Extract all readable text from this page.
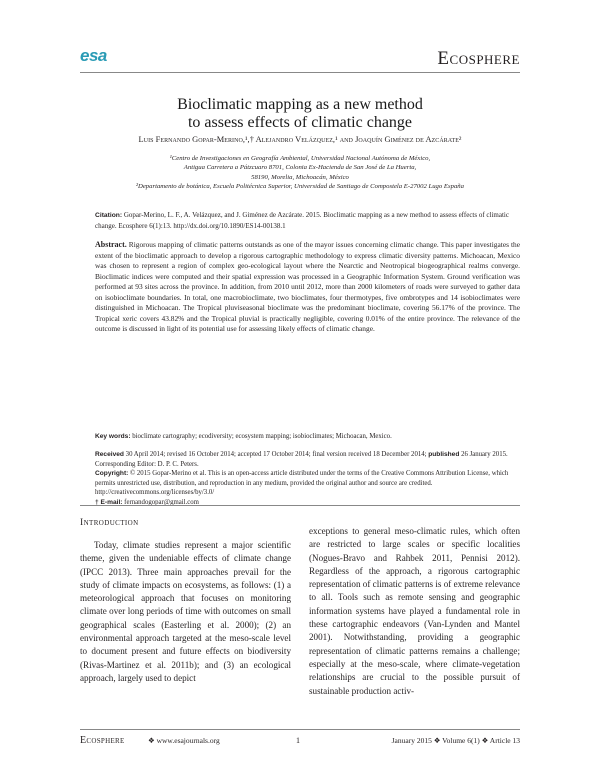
esa	Ecosphere
Bioclimatic mapping as a new method
to assess effects of climatic change
Luis Fernando Gopar-Merino,¹,† Alejandro Velázquez,¹ and Joaquín Giménez de Azcárate²
¹Centro de Investigaciones en Geografía Ambiental, Universidad Nacional Autónoma de México,
Antigua Carretera a Pátzcuaro 8701, Colonia Ex-Hacienda de San José de La Huerta,
58190, Morelia, Michoacán, México
²Departamento de botánica, Escuela Politécnica Superior, Universidad de Santiago de Compostela E-27002 Lugo España
Citation: Gopar-Merino, L. F., A. Velázquez, and J. Giménez de Azcárate. 2015. Bioclimatic mapping as a new method to assess effects of climatic change. Ecosphere 6(1):13. http://dx.doi.org/10.1890/ES14-00138.1
Abstract. Rigorous mapping of climatic patterns outstands as one of the mayor issues concerning climatic change. This paper investigates the extent of the bioclimatic approach to develop a rigorous cartographic methodology to express climatic diversity patterns. Michoacan, Mexico was chosen to represent a region of complex geo-ecological layout where the Nearctic and Neotropical biogeographical realms converge. Bioclimatic indices were computed and their spatial expression was processed in a Geographic Information System. Ground verification was performed at 93 sites across the province. In addition, from 2010 until 2012, more than 2000 kilometers of roads were surveyed to gather data on isobioclimate boundaries. In total, one macrobioclimate, two bioclimates, four thermotypes, five ombrotypes and 14 isobioclimates were distinguished in Michoacan. The Tropical pluviseasonal bioclimate was the predominant bioclimate, covering 56.17% of the province. The Tropical xeric covers 43.82% and the Tropical pluvial is practically negligible, covering 0.01% of the entire province. The relevance of the outcome is discussed in light of its potential use for assessing likely effects of climatic change.
Key words: bioclimate cartography; ecodiversity; ecosystem mapping; isobioclimates; Michoacan, Mexico.
Received 30 April 2014; revised 16 October 2014; accepted 17 October 2014; final version received 18 December 2014; published 26 January 2015. Corresponding Editor: D. P. C. Peters.
Copyright: © 2015 Gopar-Merino et al. This is an open-access article distributed under the terms of the Creative Commons Attribution License, which permits unrestricted use, distribution, and reproduction in any medium, provided the original author and source are credited. http://creativecommons.org/licenses/by/3.0/
† E-mail: fernandogopar@gmail.com
Introduction
Today, climate studies represent a major scientific theme, given the undeniable effects of climate change (IPCC 2013). Three main approaches prevail for the study of climate impacts on ecosystems, as follows: (1) a meteorological approach that focuses on monitoring climate over long periods of time with outcomes on small geographical scales (Easterling et al. 2000); (2) an environmental approach targeted at the meso-scale level to document present and future effects on biodiversity (Rivas-Martinez et al. 2011b); and (3) an ecological approach, largely used to depict
exceptions to general meso-climatic rules, which often are restricted to large scales or specific localities (Nogues-Bravo and Rahbek 2011, Pennisi 2012). Regardless of the approach, a rigorous cartographic representation of climatic patterns is of extreme relevance to all. Tools such as remote sensing and geographic information systems have played a fundamental role in these cartographic endeavors (Van-Lynden and Mantel 2001). Notwithstanding, providing a geographic representation of climatic patterns remains a challenge; especially at the meso-scale, where climate-vegetation relationships are crucial to the possible pursuit of sustainable production activ-
Ecosphere	❖ www.esajournals.org	1	January 2015 ❖ Volume 6(1) ❖ Article 13
